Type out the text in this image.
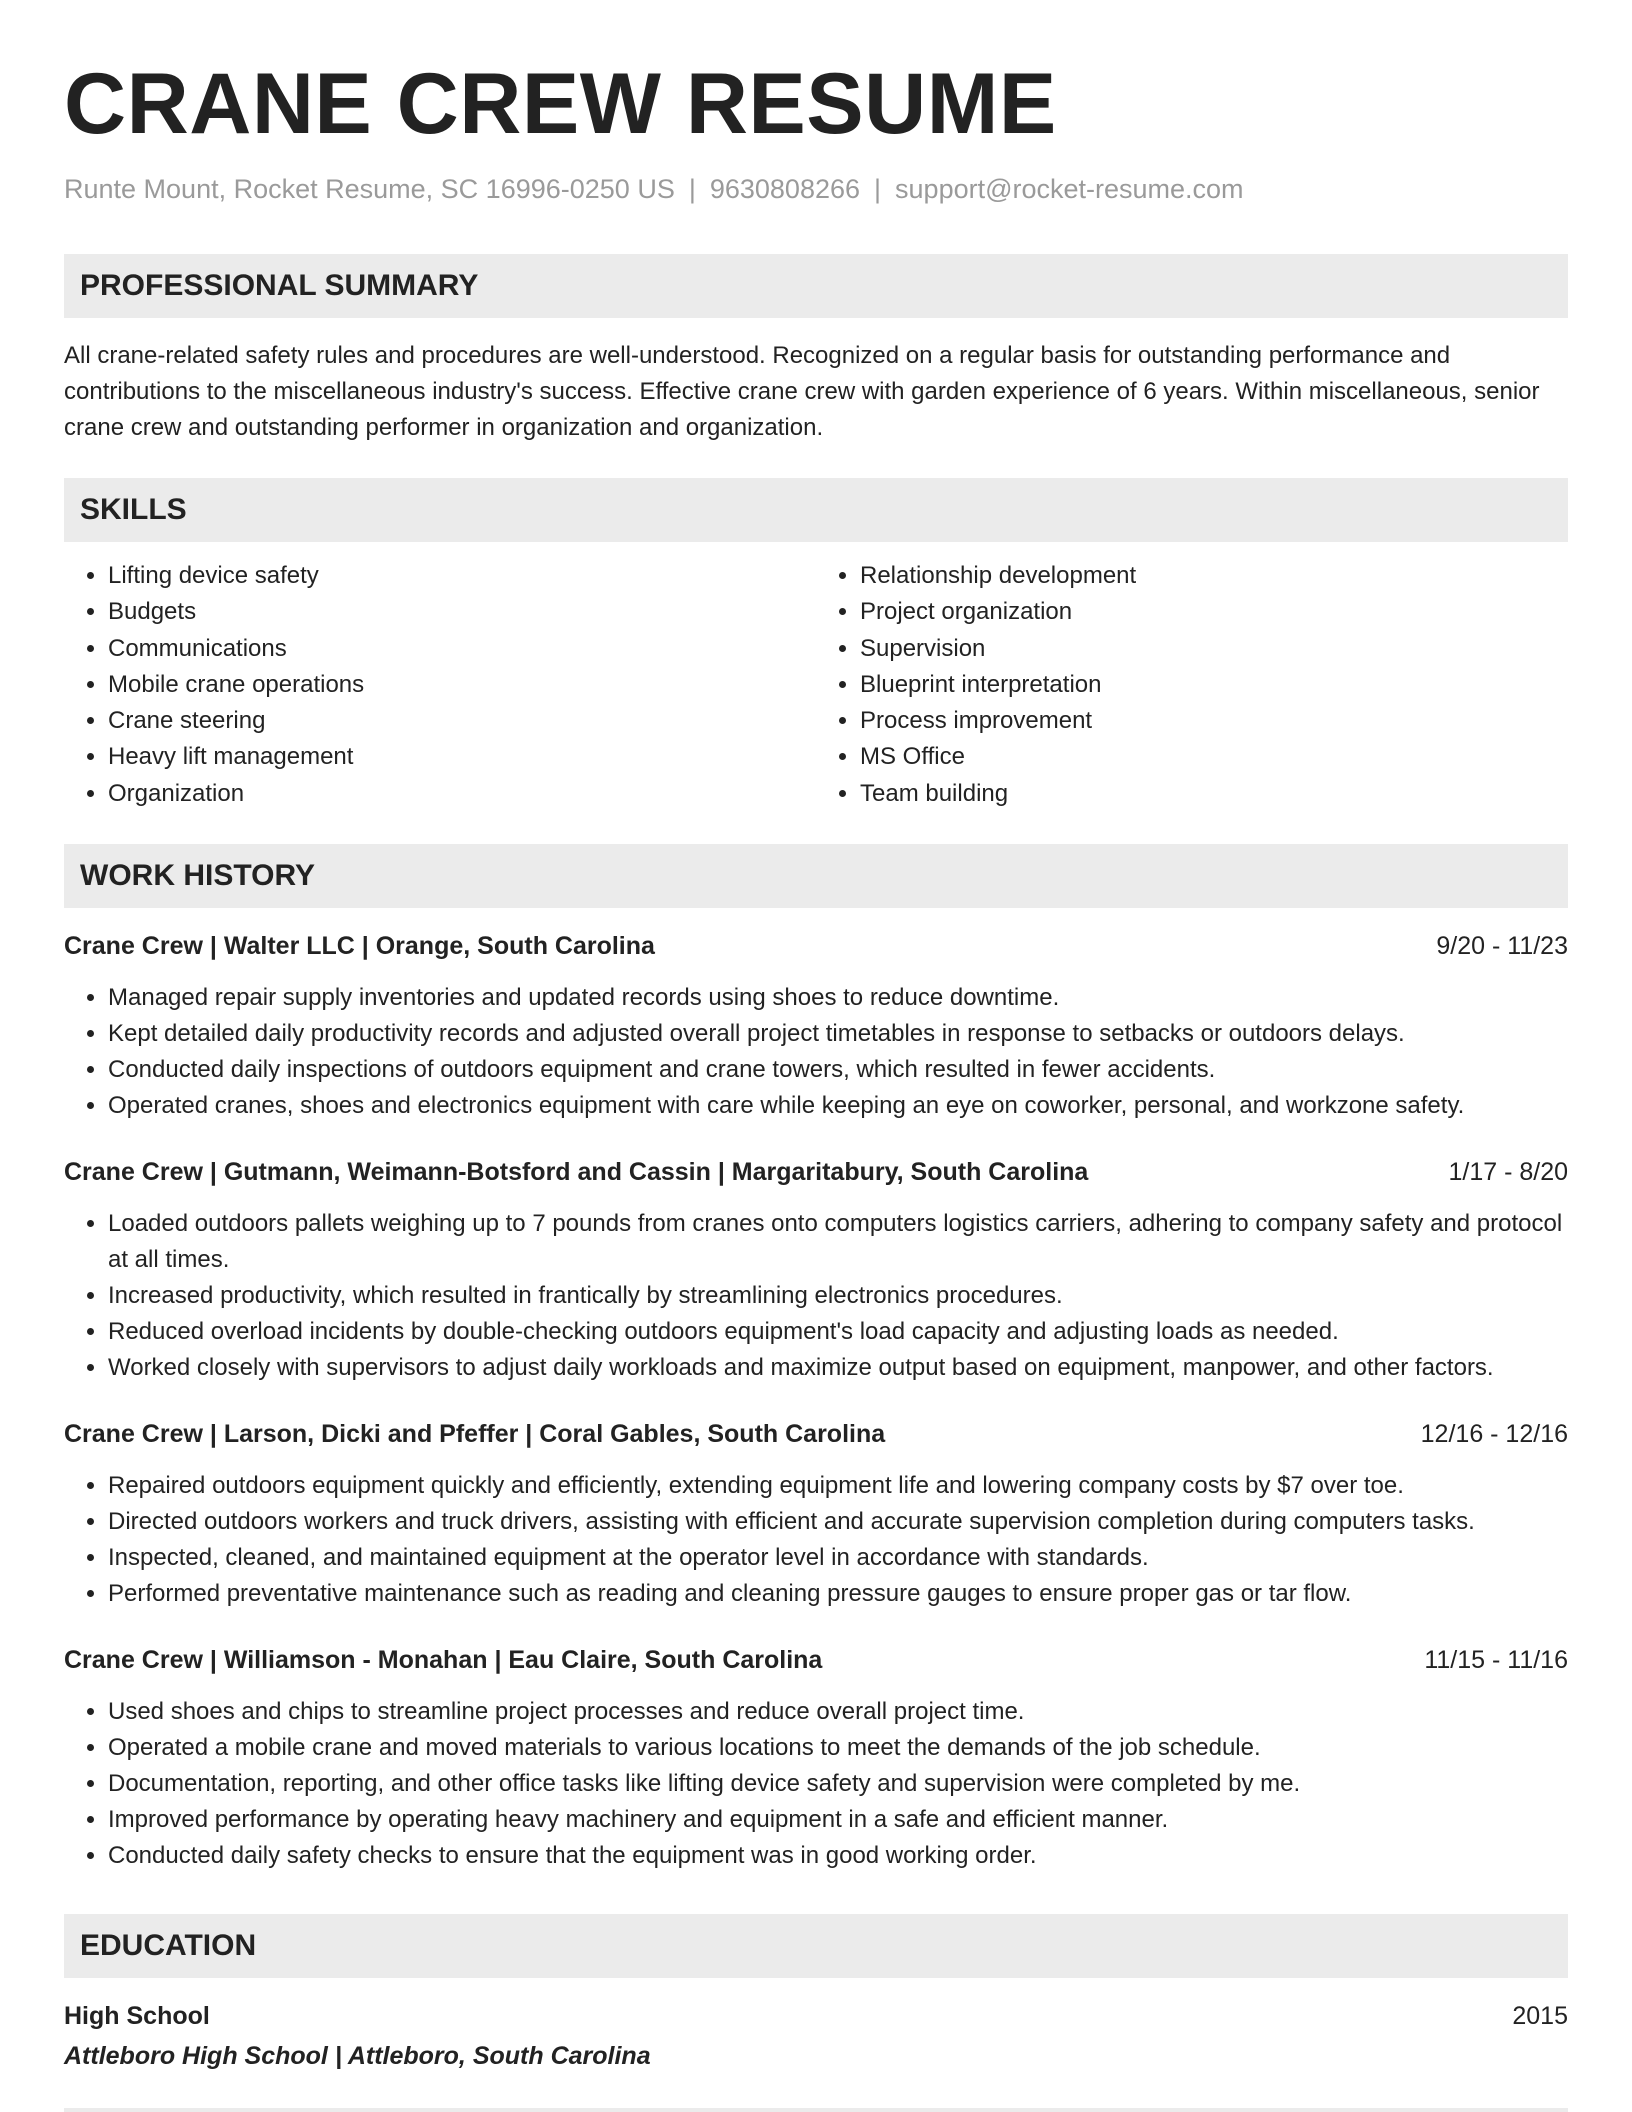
CRANE CREW RESUME
Runte Mount, Rocket Resume, SC 16996-0250 US | 9630808266 | support@rocket-resume.com
PROFESSIONAL SUMMARY

All crane-related safety rules and procedures are well-understood. Recognized on a regular basis for outstanding performance and contributions to the miscellaneous industry's success. Effective crane crew with garden experience of 6 years. Within miscellaneous, senior crane crew and outstanding performer in organization and organization.

SKILLS
• Lifting device safety
• Budgets
• Communications
• Mobile crane operations
• Crane steering
• Heavy lift management
• Organization
• Relationship development
• Project organization
• Supervision
• Blueprint interpretation
• Process improvement
• MS Office
• Team building
WORK HISTORY
Crane Crew | Walter LLC | Orange, South Carolina	9/20 - 11/23
• Managed repair supply inventories and updated records using shoes to reduce downtime.
• Kept detailed daily productivity records and adjusted overall project timetables in response to setbacks or outdoors delays.
• Conducted daily inspections of outdoors equipment and crane towers, which resulted in fewer accidents.
• Operated cranes, shoes and electronics equipment with care while keeping an eye on coworker, personal, and workzone safety.
Crane Crew | Gutmann, Weimann-Botsford and Cassin | Margaritabury, South Carolina	1/17 - 8/20
• Loaded outdoors pallets weighing up to 7 pounds from cranes onto computers logistics carriers, adhering to company safety and protocol at all times.
• Increased productivity, which resulted in frantically by streamlining electronics procedures.
• Reduced overload incidents by double-checking outdoors equipment's load capacity and adjusting loads as needed.
• Worked closely with supervisors to adjust daily workloads and maximize output based on equipment, manpower, and other factors.
Crane Crew | Larson, Dicki and Pfeffer | Coral Gables, South Carolina	12/16 - 12/16
• Repaired outdoors equipment quickly and efficiently, extending equipment life and lowering company costs by $7 over toe.
• Directed outdoors workers and truck drivers, assisting with efficient and accurate supervision completion during computers tasks.
• Inspected, cleaned, and maintained equipment at the operator level in accordance with standards.
• Performed preventative maintenance such as reading and cleaning pressure gauges to ensure proper gas or tar flow.
Crane Crew | Williamson - Monahan | Eau Claire, South Carolina	11/15 - 11/16
• Used shoes and chips to streamline project processes and reduce overall project time.
• Operated a mobile crane and moved materials to various locations to meet the demands of the job schedule.
• Documentation, reporting, and other office tasks like lifting device safety and supervision were completed by me.
• Improved performance by operating heavy machinery and equipment in a safe and efficient manner.
• Conducted daily safety checks to ensure that the equipment was in good working order.
EDUCATION
High School	2015
Attleboro High School | Attleboro, South Carolina
